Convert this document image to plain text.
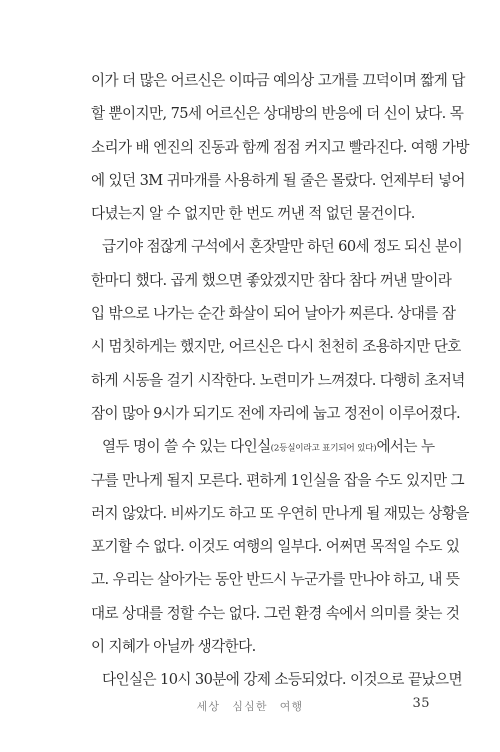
이가 더 많은 어르신은 이따금 예의상 고개를 끄덕이며 짧게 답
할 뿐이지만, 75세 어르신은 상대방의 반응에 더 신이 났다. 목
소리가 배 엔진의 진동과 함께 점점 커지고 빨라진다. 여행 가방
에 있던 3M 귀마개를 사용하게 될 줄은 몰랐다. 언제부터 넣어
다녔는지 알 수 없지만 한 번도 꺼낸 적 없던 물건이다.
급기야 점잖게 구석에서 혼잣말만 하던 60세 정도 되신 분이
한마디 했다. 곱게 했으면 좋았겠지만 참다 참다 꺼낸 말이라
입 밖으로 나가는 순간 화살이 되어 날아가 찌른다. 상대를 잠
시 멈칫하게는 했지만, 어르신은 다시 천천히 조용하지만 단호
하게 시동을 걸기 시작한다. 노련미가 느껴졌다. 다행히 초저녁
잠이 많아 9시가 되기도 전에 자리에 눕고 정전이 이루어졌다.
열두 명이 쓸 수 있는 다인실(2등실이라고 표기되어 있다)에서는 누
구를 만나게 될지 모른다. 편하게 1인실을 잡을 수도 있지만 그
러지 않았다. 비싸기도 하고 또 우연히 만나게 될 재밌는 상황을
포기할 수 없다. 이것도 여행의 일부다. 어쩌면 목적일 수도 있
고. 우리는 살아가는 동안 반드시 누군가를 만나야 하고, 내 뜻
대로 상대를 정할 수는 없다. 그런 환경 속에서 의미를 찾는 것
이 지혜가 아닐까 생각한다.
다인실은 10시 30분에 강제 소등되었다. 이것으로 끝났으면
세상 심심한 여행	35
